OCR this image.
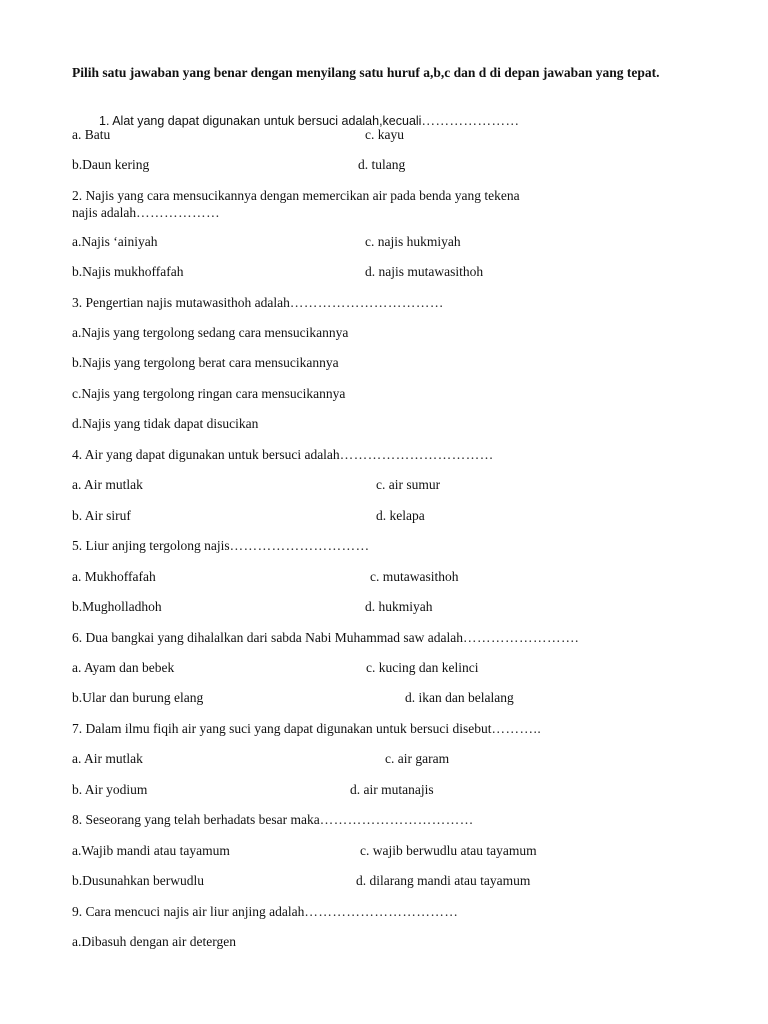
Pilih satu jawaban yang benar dengan menyilang satu huruf a,b,c dan d di depan jawaban yang tepat.
1. Alat yang dapat digunakan untuk bersuci adalah,kecuali…………………
a. Batu	c. kayu
b.Daun kering	d. tulang
2. Najis yang cara mensucikannya dengan memercikan air pada benda yang tekena
najis adalah………………
a.Najis ‘ainiyah	c. najis hukmiyah
b.Najis mukhoffafah	d. najis mutawasithoh
3. Pengertian najis mutawasithoh adalah……………………………
a.Najis yang tergolong sedang cara mensucikannya
b.Najis yang tergolong berat cara mensucikannya
c.Najis yang tergolong ringan cara mensucikannya
d.Najis yang tidak dapat disucikan
4. Air yang dapat digunakan untuk bersuci adalah……………………………
a. Air mutlak	c. air sumur
b. Air siruf	d. kelapa
5. Liur anjing tergolong najis…………………………
a. Mukhoffafah	c. mutawasithoh
b.Mugholladhoh	d. hukmiyah
6. Dua bangkai yang dihalalkan dari sabda Nabi Muhammad saw adalah…………………….
a. Ayam dan bebek	c. kucing dan kelinci
b.Ular dan burung elang	d. ikan dan belalang
7. Dalam ilmu fiqih air yang suci yang dapat digunakan untuk bersuci disebut………..
a. Air mutlak	c. air garam
b. Air yodium	d. air mutanajis
8. Seseorang yang telah berhadats besar maka……………………………
a.Wajib mandi atau tayamum	c. wajib berwudlu atau tayamum
b.Dusunahkan berwudlu	d. dilarang mandi atau tayamum
9. Cara mencuci najis air liur anjing adalah……………………………
a.Dibasuh dengan air detergen
